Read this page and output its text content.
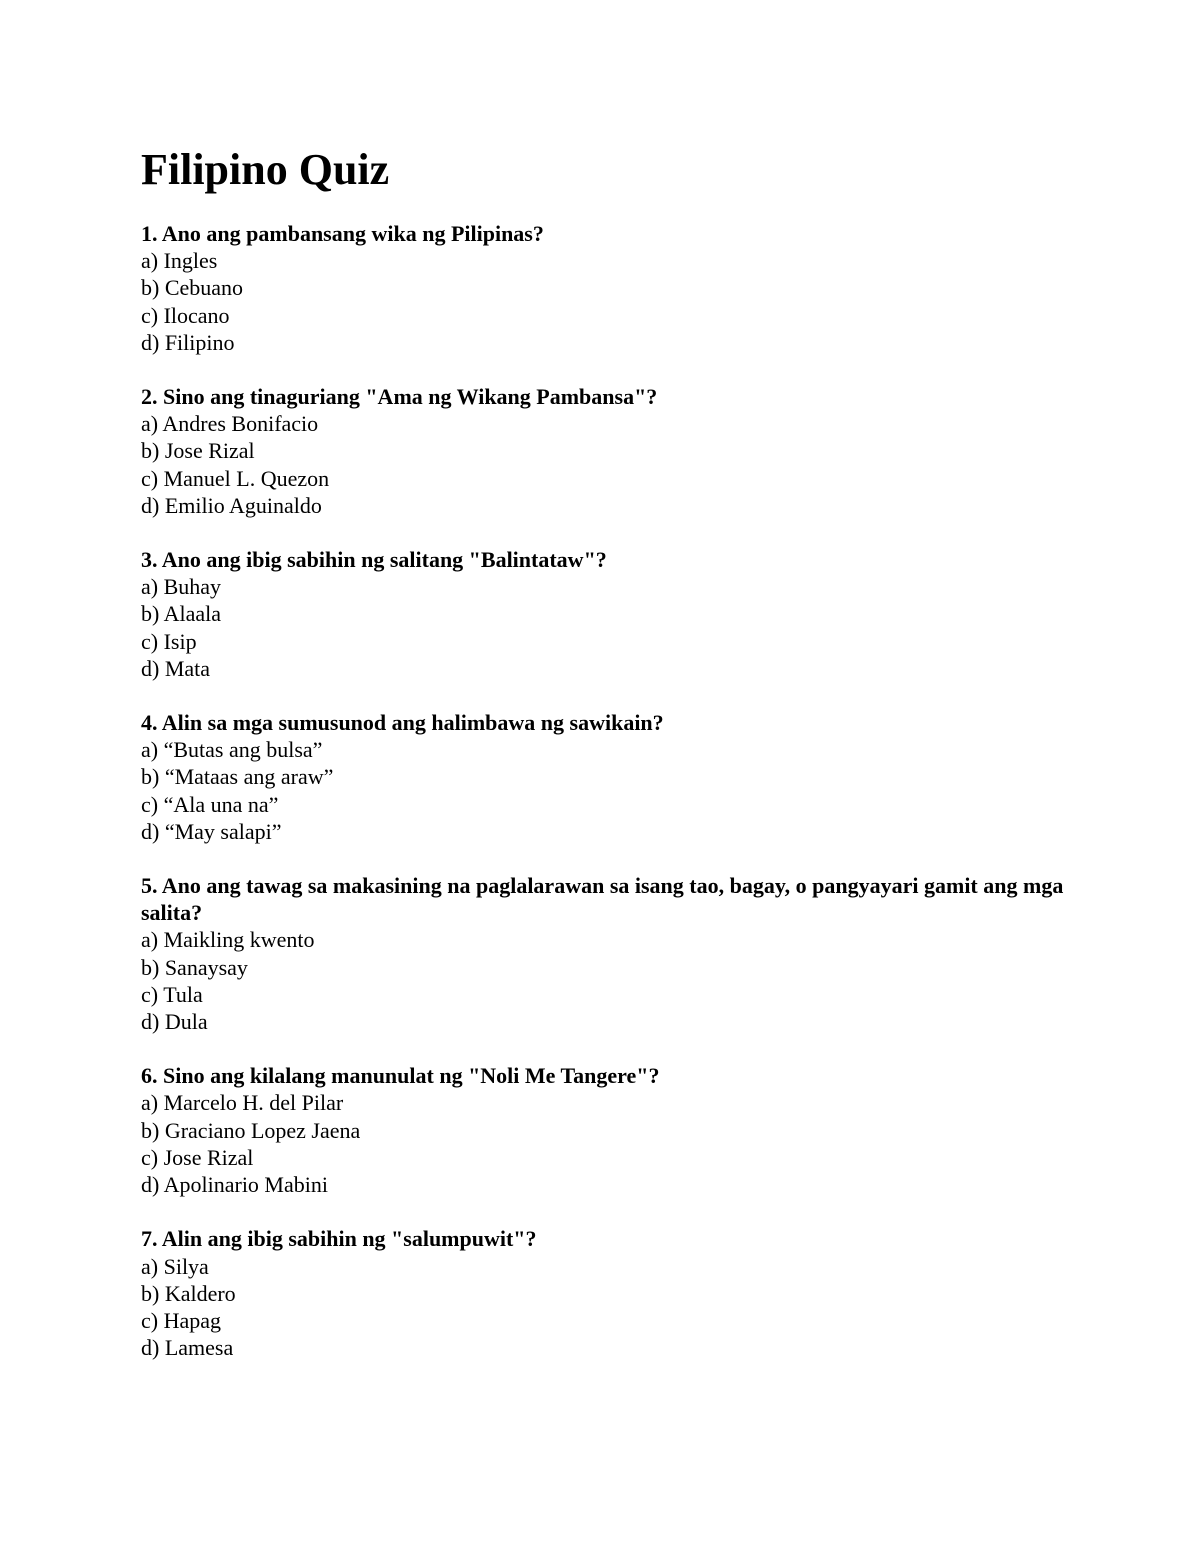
Filipino Quiz

1. Ano ang pambansang wika ng Pilipinas?

a) Ingles

b) Cebuano

c) Ilocano

d) Filipino

2. Sino ang tinaguriang "Ama ng Wikang Pambansa"?

a) Andres Bonifacio

b) Jose Rizal

c) Manuel L. Quezon

d) Emilio Aguinaldo

3. Ano ang ibig sabihin ng salitang "Balintataw"?

a) Buhay

b) Alaala

c) Isip

d) Mata

4. Alin sa mga sumusunod ang halimbawa ng sawikain?

a) “Butas ang bulsa”

b) “Mataas ang araw”

c) “Ala una na”

d) “May salapi”

5. Ano ang tawag sa makasining na paglalarawan sa isang tao, bagay, o pangyayari gamit ang mga salita?

a) Maikling kwento

b) Sanaysay

c) Tula

d) Dula

6. Sino ang kilalang manunulat ng "Noli Me Tangere"?

a) Marcelo H. del Pilar

b) Graciano Lopez Jaena

c) Jose Rizal

d) Apolinario Mabini

7. Alin ang ibig sabihin ng "salumpuwit"?

a) Silya

b) Kaldero

c) Hapag

d) Lamesa
